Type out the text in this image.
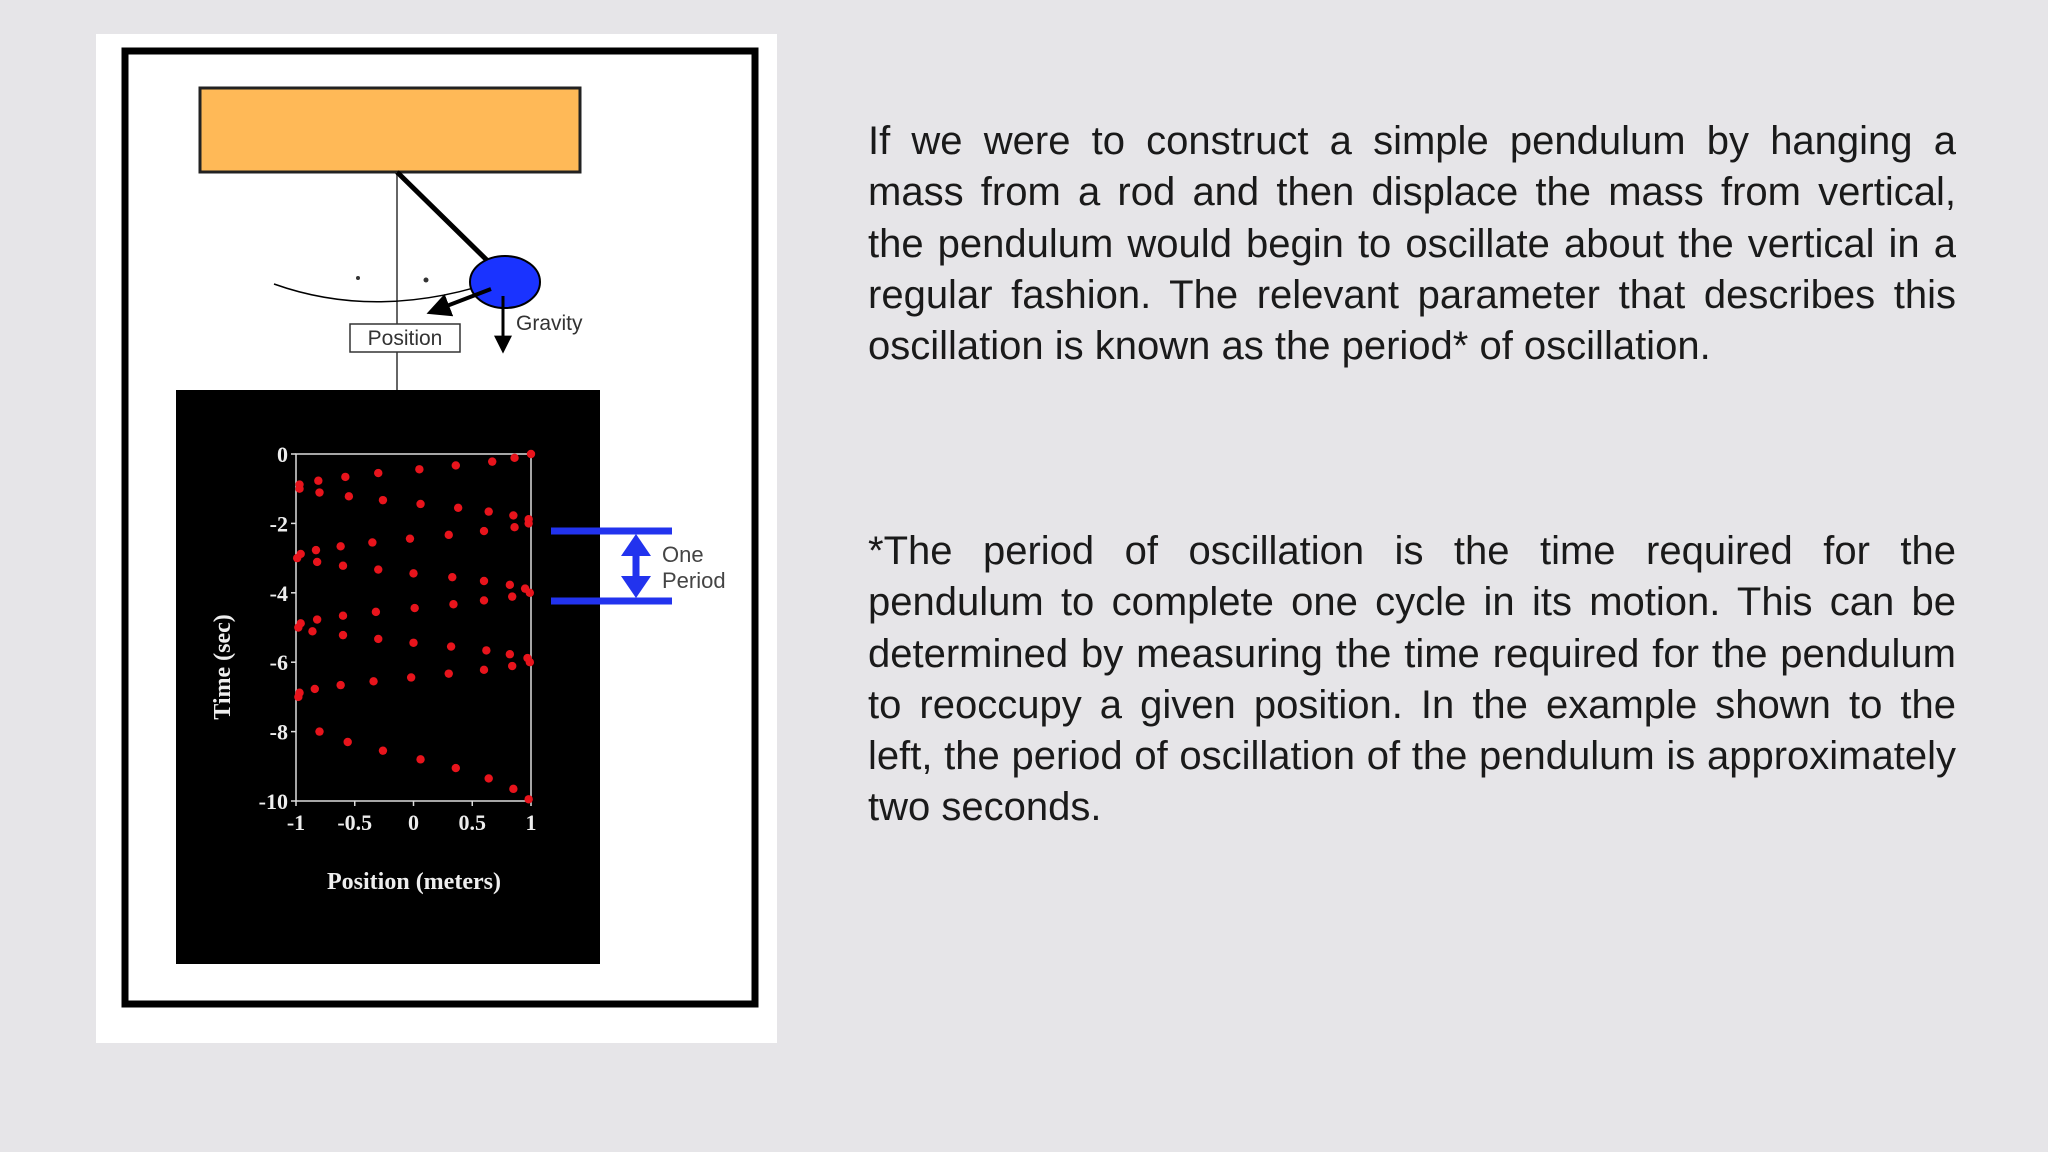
Position
Gravity
0
-2
-4
-6
-8
-10
-1 -0.5 0 0.5 1
Time (sec)
Position (meters)
One
Period

If we were to construct a simple pendulum by hanging a mass from a rod and then displace the mass from vertical, the pendulum would begin to oscillate about the vertical in a regular fashion. The relevant parameter that describes this oscillation is known as the period* of oscillation.

*The period of oscillation is the time required for the pendulum to complete one cycle in its motion. This can be determined by measuring the time required for the pendulum to reoccupy a given position. In the example shown to the left, the period of oscillation of the pendulum is approximately two seconds.
